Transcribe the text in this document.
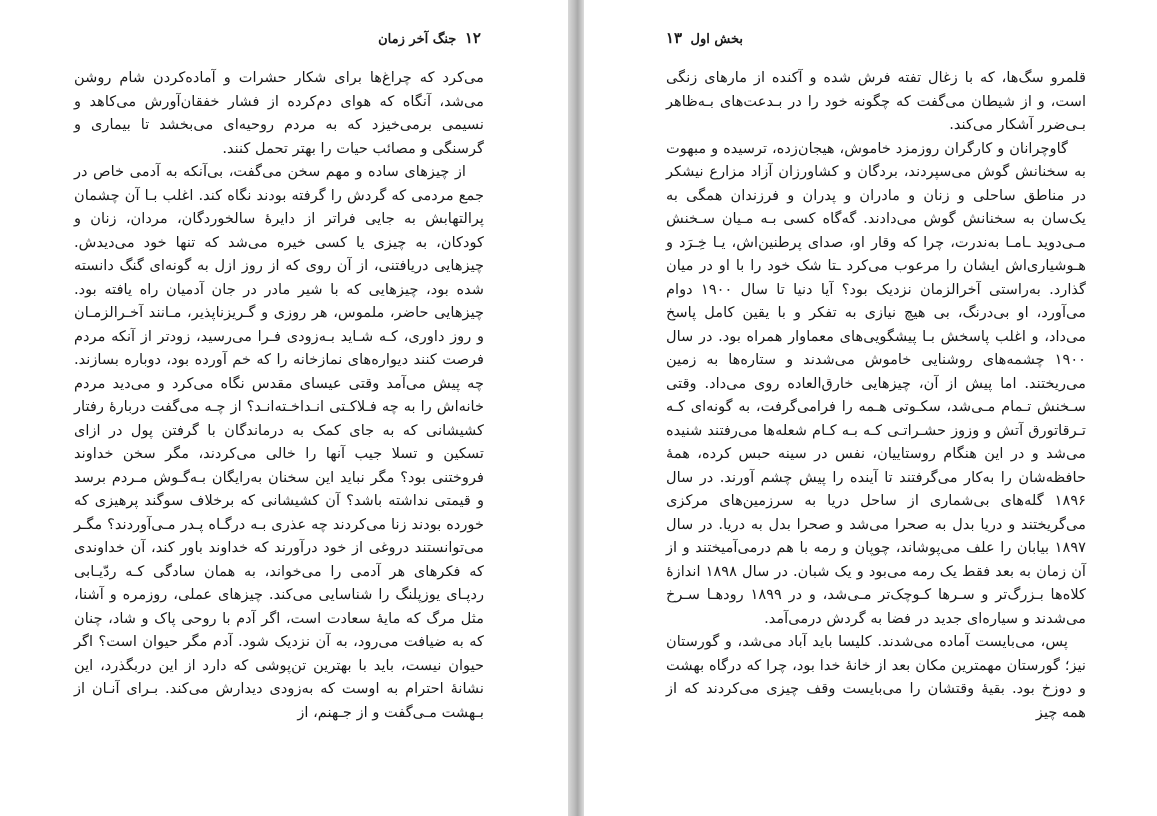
۱۲ جنگ آخر زمان

می‌کرد که چراغ‌ها برای شکار حشرات و آماده‌کردن شام روشن می‌شد، آنگاه که هوای دم‌کرده از فشار خفقان‌آورش می‌کاهد و نسیمی برمی‌خیزد که به مردم روحیه‌ای می‌بخشد تا بیماری و گرسنگی و مصائب حیات را بهتر تحمل کنند.

از چیزهای ساده و مهم سخن می‌گفت، بی‌آنکه به آدمی خاص در جمع مردمی که گردش را گرفته بودند نگاه کند. اغلب بـا آن چشمان پرالتهابش به جایی فراتر از دایرهٔ سالخوردگان، مردان، زنان و کودکان، به چیزی یا کسی خیره می‌شد که تنها خود می‌دیدش. چیزهایی دریافتنی، از آن روی که از روز ازل به گونه‌ای گنگ دانسته شده بود، چیزهایی که با شیر مادر در جان آدمیان راه یافته بود. چیزهایی حاضر، ملموس، هر روزی و گـریزناپذیر، مـانند آخـرالزمـان و روز داوری، کـه شـاید بـه‌زودی فـرا می‌رسید، زودتر از آنکه مردم فرصت کنند دیواره‌های نمازخانه را که خم آورده بود، دوباره بسازند. چه پیش می‌آمد وقتی عیسای مقدس نگاه می‌کرد و می‌دید مردم خانه‌اش را به چه فـلاکـتی انـداخـته‌انـد؟ از چـه می‌گفت دربارهٔ رفتار کشیشانی که به جای کمک به درماندگان با گرفتن پول در ازای تسکین و تسلا جیب آنها را خالی می‌کردند، مگر سخن خداوند فروختنی بود؟ مگر نباید این سخنان به‌رایگان بـه‌گـوش مـردم برسد و قیمتی نداشته باشد؟ آن کشیشانی که برخلاف سوگند پرهیزی که خورده بودند زنا می‌کردند چه عذری بـه درگـاه پـدر مـی‌آوردند؟ مگـر می‌توانستند دروغی از خود درآورند که خداوند باور کند، آن خداوندی که فکرهای هر آدمی را می‌خواند، به همان سادگی کـه ردّیـابی ردپـای یوزپلنگ را شناسایی می‌کند. چیزهای عملی، روزمره و آشنا، مثل مرگ که مایهٔ سعادت است، اگر آدم با روحی پاک و شاد، چنان که به ضیافت می‌رود، به آن نزدیک شود. آدم مگر حیوان است؟ اگر حیوان نیست، باید با بهترین تن‌پوشی که دارد از این دربگذرد، این نشانهٔ احترام به اوست که به‌زودی دیدارش می‌کند. بـرای آنـان از بـهشت مـی‌گفت و از جـهنم، از

بخش اول ۱۳

قلمرو سگ‌ها، که با زغال تفته فرش شده و آکنده از مارهای زنگی است، و از شیطان می‌گفت که چگونه خود را در بـدعت‌های بـه‌ظاهر بـی‌ضرر آشکار می‌کند.

گاوچرانان و کارگران روزمزد خاموش، هیجان‌زده، ترسیده و مبهوت به سخنانش گوش می‌سپردند، بردگان و کشاورزان آزاد مزارع نیشکر در مناطق ساحلی و زنان و مادران و پدران و فرزندان همگی به یک‌سان به سخنانش گوش می‌دادند. گه‌گاه کسی بـه مـیان سـخنش مـی‌دوید ـامـا به‌ندرت، چرا که وقار او، صدای پرطنین‌اش، یـا خِـرَد و هـوشیاری‌اش ایشان را مرعوب می‌کرد ـتا شک خود را با او در میان گذارد. به‌راستی آخرالزمان نزدیک بود؟ آیا دنیا تا سال ۱۹۰۰ دوام می‌آورد، او بی‌درنگ، بی هیچ نیازی به تفکر و با یقین کامل پاسخ می‌داد، و اغلب پاسخش بـا پیشگویی‌های معماوار همراه بود. در سال ۱۹۰۰ چشمه‌های روشنایی خاموش می‌شدند و ستاره‌ها به زمین می‌ریختند. اما پیش از آن، چیزهایی خارق‌العاده روی می‌داد. وقتی سـخنش تـمام مـی‌شد، سکـوتی هـمه را فرامی‌گرفت، به گونه‌ای کـه تـرقاتورق آتش و وزوز حشـراتـی کـه بـه کـام شعله‌ها می‌رفتند شنیده می‌شد و در این هنگام روستاییان، نفس در سینه حبس کرده، همهٔ حافظه‌شان را به‌کار می‌گرفتند تا آینده را پیش چشم آورند. در سال ۱۸۹۶ گله‌های بی‌شماری از ساحل دریا به سرزمین‌های مرکزی می‌گریختند و دریا بدل به صحرا می‌شد و صحرا بدل به دریا. در سال ۱۸۹۷ بیابان را علف می‌پوشاند، چوپان و رمه با هم درمی‌آمیختند و از آن زمان به بعد فقط یک رمه می‌بود و یک شبان. در سال ۱۸۹۸ اندازهٔ کلاه‌ها بـزرگ‌تر و سـرها کـوچک‌تر مـی‌شد، و در ۱۸۹۹ رودهـا سـرخ می‌شدند و سیاره‌ای جدید در فضا به گردش درمی‌آمد.

پس، می‌بایست آماده می‌شدند. کلیسا باید آباد می‌شد، و گورستان نیز؛ گورستان مهمترین مکان بعد از خانهٔ خدا بود، چرا که درگاه بهشت و دوزخ بود. بقیهٔ وقتشان را می‌بایست وقف چیزی می‌کردند که از همه چیز
